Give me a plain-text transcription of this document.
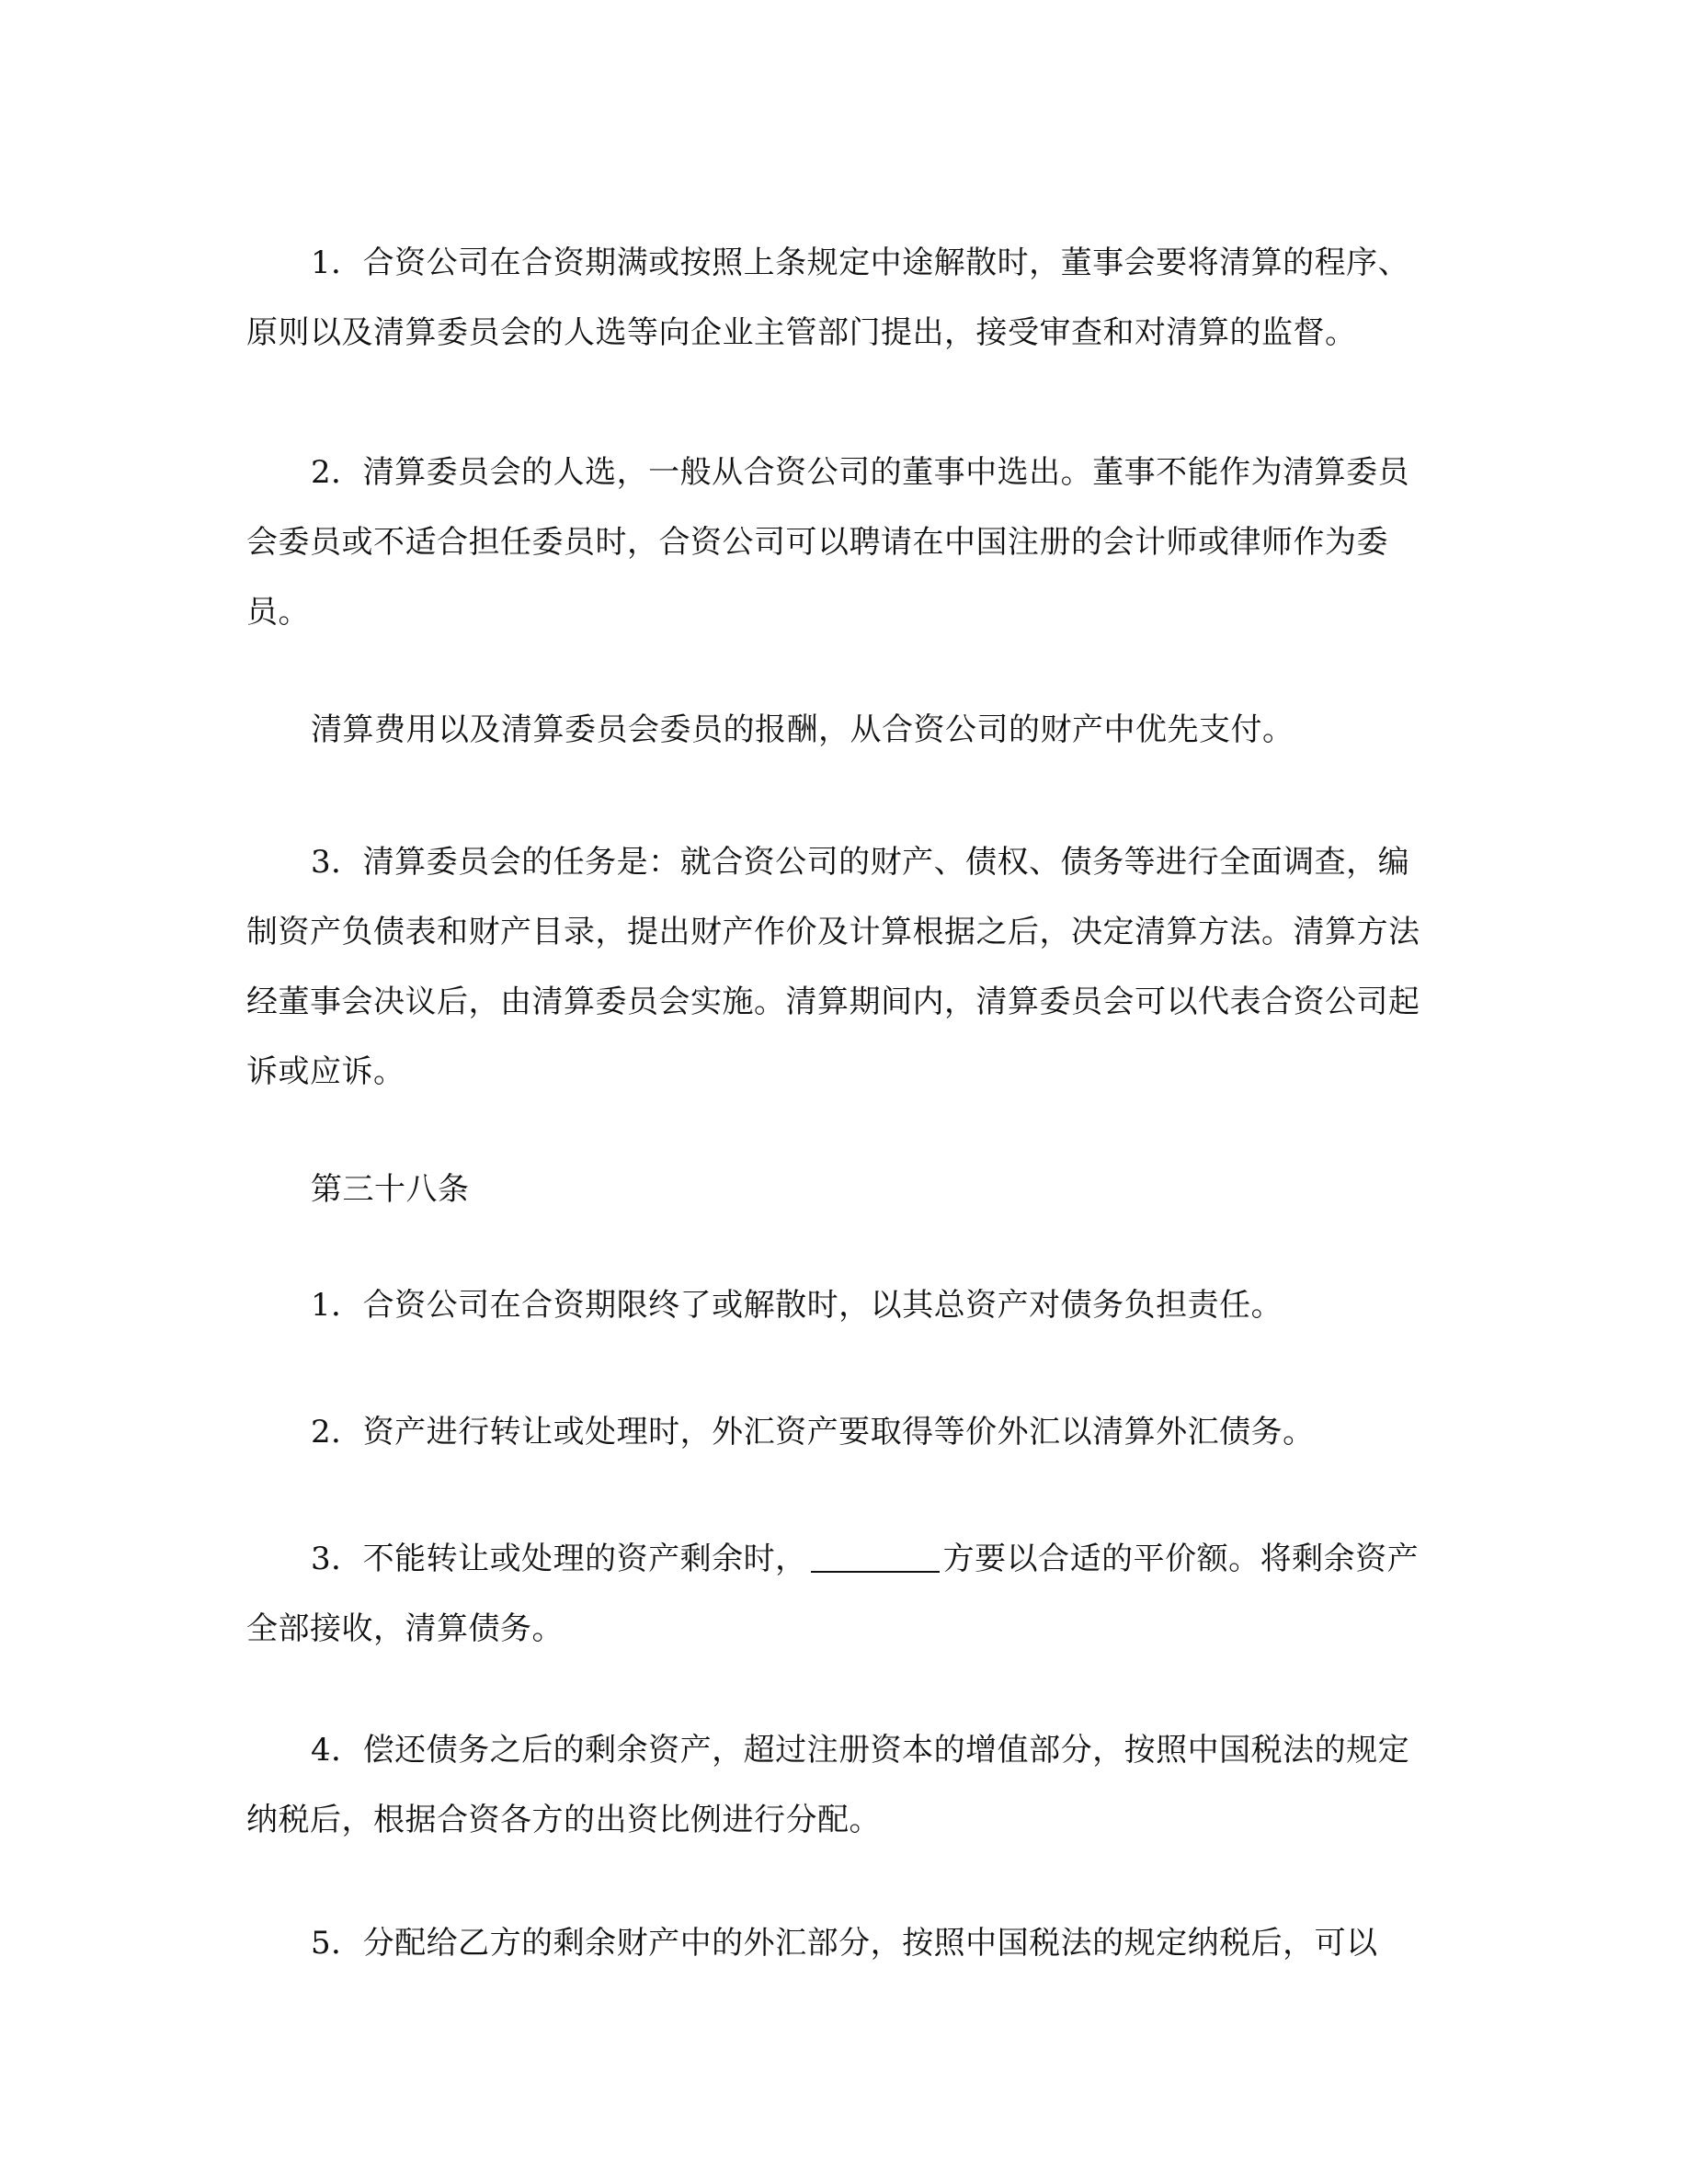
1．合资公司在合资期满或按照上条规定中途解散时，董事会要将清算的程序、原则以及清算委员会的人选等向企业主管部门提出，接受审查和对清算的监督。

2．清算委员会的人选，一般从合资公司的董事中选出。董事不能作为清算委员会委员或不适合担任委员时，合资公司可以聘请在中国注册的会计师或律师作为委员。

清算费用以及清算委员会委员的报酬，从合资公司的财产中优先支付。

3．清算委员会的任务是：就合资公司的财产、债权、债务等进行全面调查，编制资产负债表和财产目录，提出财产作价及计算根据之后，决定清算方法。清算方法经董事会决议后，由清算委员会实施。清算期间内，清算委员会可以代表合资公司起诉或应诉。

第三十八条

1．合资公司在合资期限终了或解散时，以其总资产对债务负担责任。

2．资产进行转让或处理时，外汇资产要取得等价外汇以清算外汇债务。

3．不能转让或处理的资产剩余时，	方要以合适的平价额。将剩余资产全部接收，清算债务。

4．偿还债务之后的剩余资产，超过注册资本的增值部分，按照中国税法的规定纳税后，根据合资各方的出资比例进行分配。

5．分配给乙方的剩余财产中的外汇部分，按照中国税法的规定纳税后，可以
